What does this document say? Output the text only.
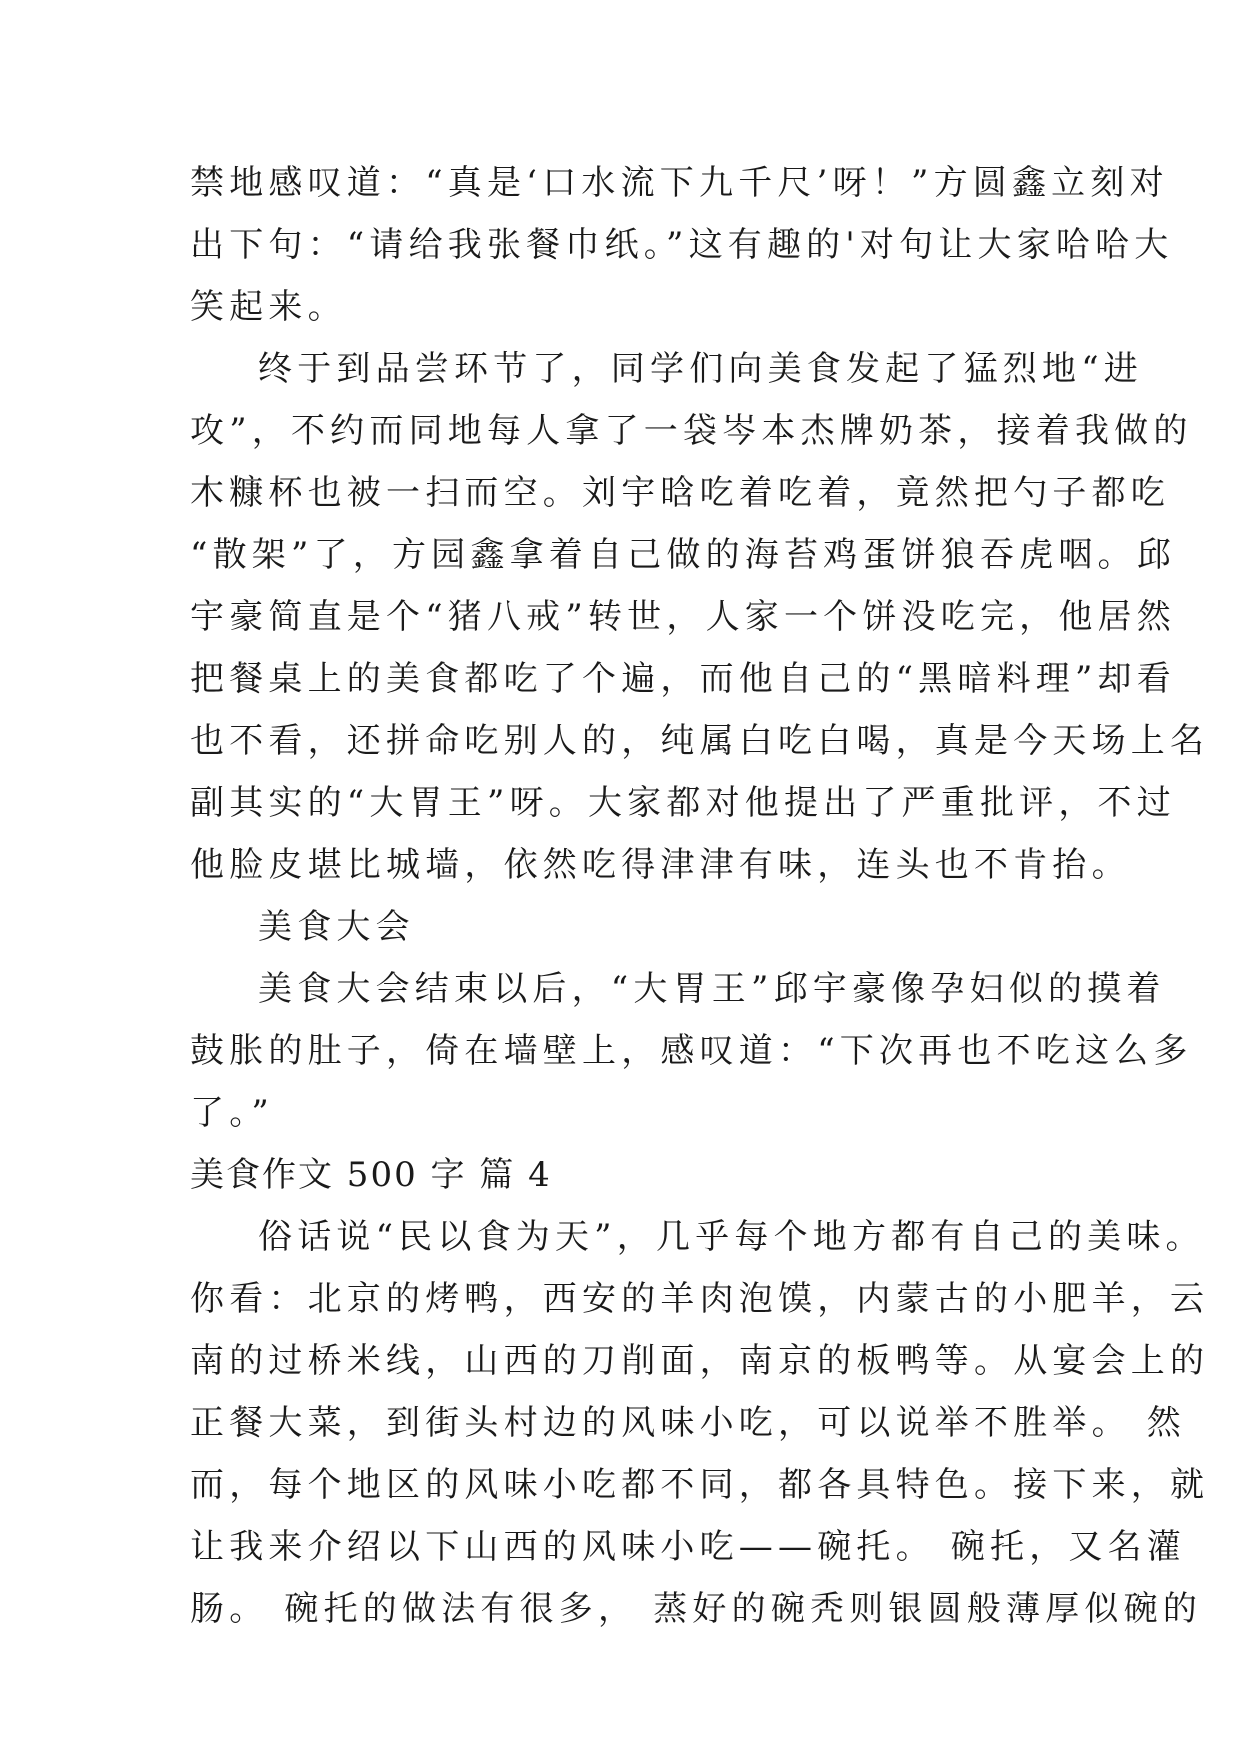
禁地感叹道：“真是‘口水流下九千尺’呀！”方圆鑫立刻对
出下句：“请给我张餐巾纸。”这有趣的'对句让大家哈哈大
笑起来。
终于到品尝环节了，同学们向美食发起了猛烈地“进
攻”，不约而同地每人拿了一袋岑本杰牌奶茶，接着我做的
木糠杯也被一扫而空。刘宇晗吃着吃着，竟然把勺子都吃
“散架”了，方园鑫拿着自己做的海苔鸡蛋饼狼吞虎咽。邱
宇豪简直是个“猪八戒”转世，人家一个饼没吃完，他居然
把餐桌上的美食都吃了个遍，而他自己的“黑暗料理”却看
也不看，还拼命吃别人的，纯属白吃白喝，真是今天场上名
副其实的“大胃王”呀。大家都对他提出了严重批评，不过
他脸皮堪比城墙，依然吃得津津有味，连头也不肯抬。
美食大会
美食大会结束以后，“大胃王”邱宇豪像孕妇似的摸着
鼓胀的肚子，倚在墙壁上，感叹道：“下次再也不吃这么多
了。”
美食作文 500 字 篇 4
俗话说“民以食为天”，几乎每个地方都有自己的美味。
你看：北京的烤鸭，西安的羊肉泡馍，内蒙古的小肥羊，云
南的过桥米线，山西的刀削面，南京的板鸭等。从宴会上的
正餐大菜，到街头村边的风味小吃，可以说举不胜举。 然
而，每个地区的风味小吃都不同，都各具特色。接下来，就
让我来介绍以下山西的风味小吃——碗托。 碗托，又名灌
肠。 碗托的做法有很多， 蒸好的碗秃则银圆般薄厚似碗的
